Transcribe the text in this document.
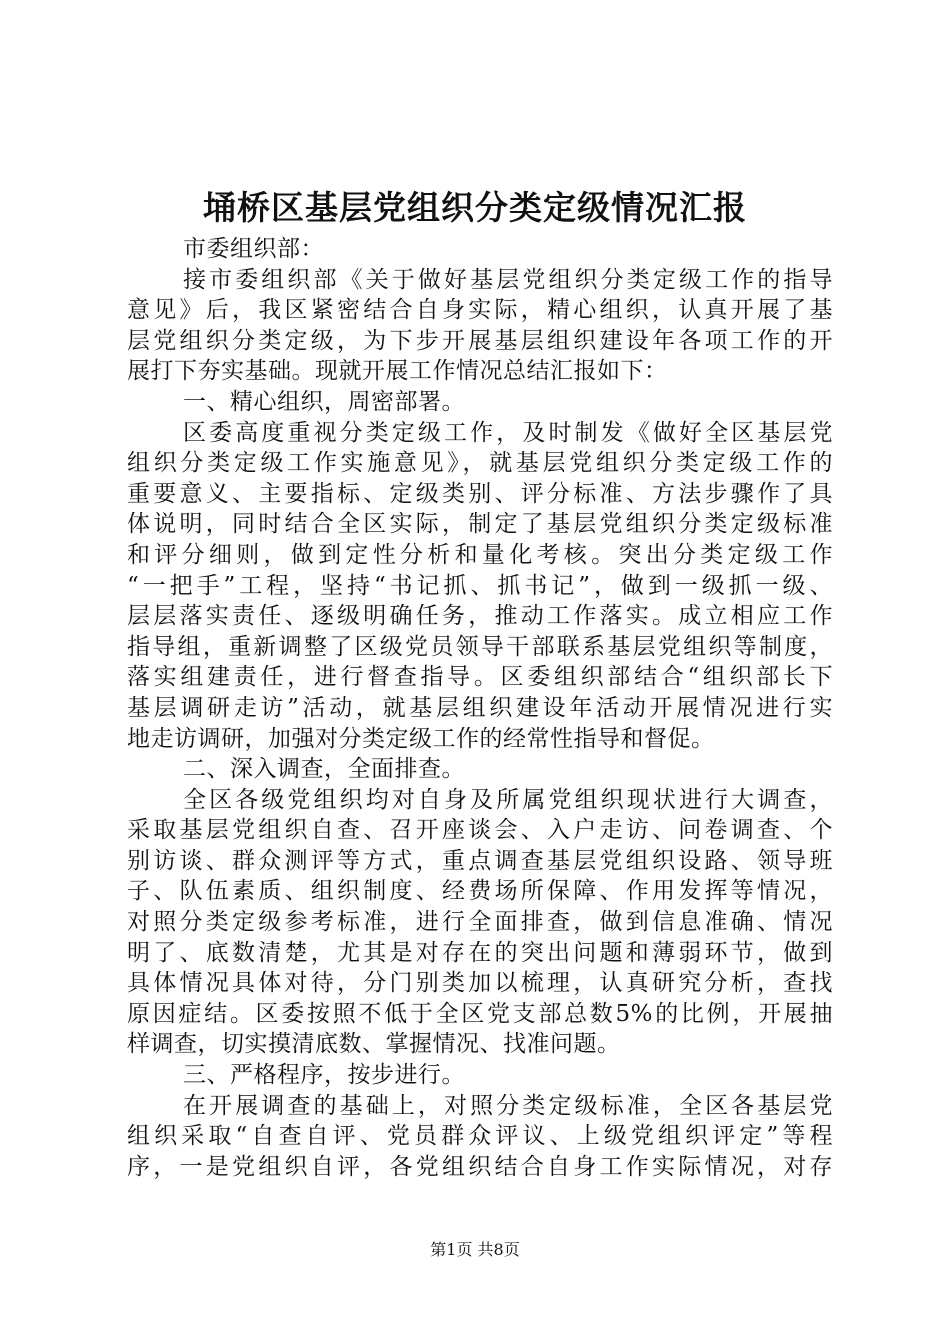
埇桥区基层党组织分类定级情况汇报
市委组织部：
接市委组织部《关于做好基层党组织分类定级工作的指导
意见》后，我区紧密结合自身实际，精心组织，认真开展了基
层党组织分类定级，为下步开展基层组织建设年各项工作的开
展打下夯实基础。现就开展工作情况总结汇报如下：
一、精心组织，周密部署。
区委高度重视分类定级工作，及时制发《做好全区基层党
组织分类定级工作实施意见》，就基层党组织分类定级工作的
重要意义、主要指标、定级类别、评分标准、方法步骤作了具
体说明，同时结合全区实际，制定了基层党组织分类定级标准
和评分细则，做到定性分析和量化考核。突出分类定级工作
“一把手”工程，坚持“书记抓、抓书记”，做到一级抓一级、
层层落实责任、逐级明确任务，推动工作落实。成立相应工作
指导组，重新调整了区级党员领导干部联系基层党组织等制度，
落实组建责任，进行督查指导。区委组织部结合“组织部长下
基层调研走访”活动，就基层组织建设年活动开展情况进行实
地走访调研，加强对分类定级工作的经常性指导和督促。
二、深入调查，全面排查。
全区各级党组织均对自身及所属党组织现状进行大调查，
采取基层党组织自查、召开座谈会、入户走访、问卷调查、个
别访谈、群众测评等方式，重点调查基层党组织设路、领导班
子、队伍素质、组织制度、经费场所保障、作用发挥等情况，
对照分类定级参考标准，进行全面排查，做到信息准确、情况
明了、底数清楚，尤其是对存在的突出问题和薄弱环节，做到
具体情况具体对待，分门别类加以梳理，认真研究分析，查找
原因症结。区委按照不低于全区党支部总数5%的比例，开展抽
样调查，切实摸清底数、掌握情况、找准问题。
三、严格程序，按步进行。
在开展调查的基础上，对照分类定级标准，全区各基层党
组织采取“自查自评、党员群众评议、上级党组织评定”等程
序，一是党组织自评，各党组织结合自身工作实际情况，对存
第1页 共8页
